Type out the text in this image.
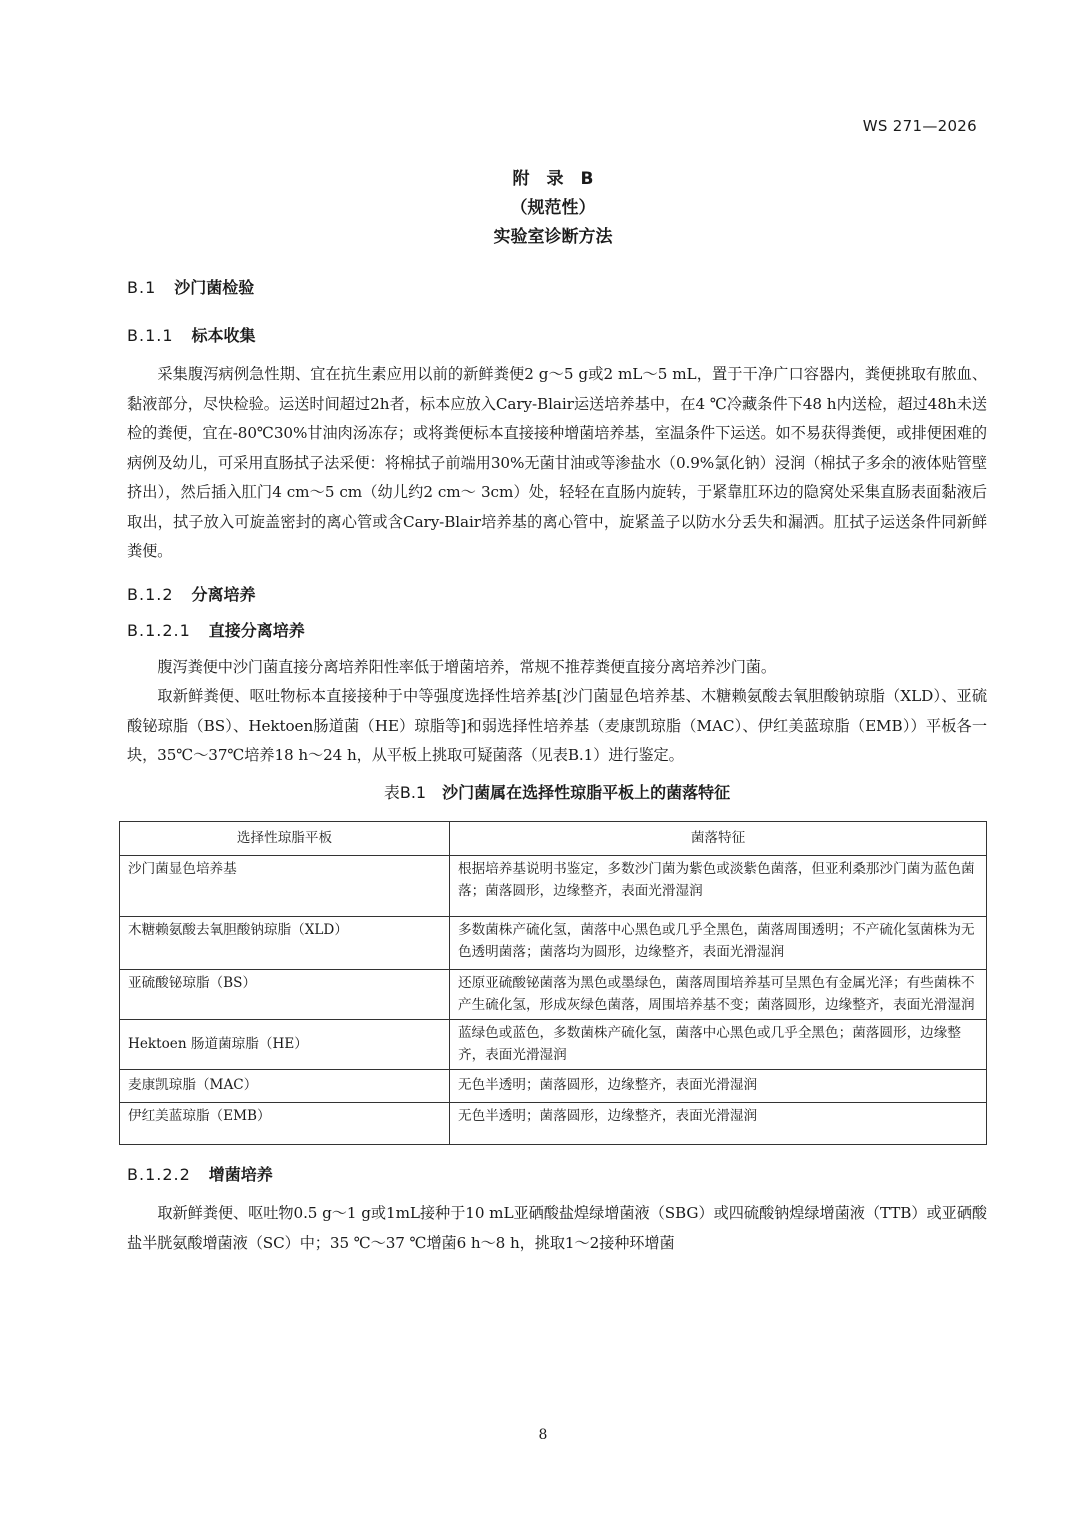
WS 271—2026
附　录　B
（规范性）
实验室诊断方法
B.1 沙门菌检验
B.1.1 标本收集

采集腹泻病例急性期、宜在抗生素应用以前的新鲜粪便2 g～5 g或2 mL～5 mL，置于干净广口容器内，粪便挑取有脓血、黏液部分，尽快检验。运送时间超过2h者，标本应放入Cary-Blair运送培养基中，在4 ℃冷藏条件下48 h内送检，超过48h未送检的粪便，宜在-80℃30%甘油肉汤冻存；或将粪便标本直接接种增菌培养基，室温条件下运送。如不易获得粪便，或排便困难的病例及幼儿，可采用直肠拭子法采便：将棉拭子前端用30%无菌甘油或等渗盐水（0.9%氯化钠）浸润（棉拭子多余的液体贴管壁挤出），然后插入肛门4 cm～5 cm（幼儿约2 cm～ 3cm）处，轻轻在直肠内旋转，于紧靠肛环边的隐窝处采集直肠表面黏液后取出，拭子放入可旋盖密封的离心管或含Cary-Blair培养基的离心管中，旋紧盖子以防水分丢失和漏洒。肛拭子运送条件同新鲜粪便。

B.1.2 分离培养
B.1.2.1 直接分离培养

腹泻粪便中沙门菌直接分离培养阳性率低于增菌培养，常规不推荐粪便直接分离培养沙门菌。

取新鲜粪便、呕吐物标本直接接种于中等强度选择性培养基[沙门菌显色培养基、木糖赖氨酸去氧胆酸钠琼脂（XLD）、亚硫酸铋琼脂（BS）、Hektoen肠道菌（HE）琼脂等]和弱选择性培养基（麦康凯琼脂（MAC）、伊红美蓝琼脂（EMB））平板各一块，35℃～37℃培养18 h～24 h，从平板上挑取可疑菌落（见表B.1）进行鉴定。

表B.1 沙门菌属在选择性琼脂平板上的菌落特征
选择性琼脂平板	菌落特征
沙门菌显色培养基	根据培养基说明书鉴定，多数沙门菌为紫色或淡紫色菌落，但亚利桑那沙门菌为蓝色菌落；菌落圆形，边缘整齐，表面光滑湿润
木糖赖氨酸去氧胆酸钠琼脂（XLD）	多数菌株产硫化氢，菌落中心黑色或几乎全黑色，菌落周围透明；不产硫化氢菌株为无色透明菌落；菌落均为圆形，边缘整齐，表面光滑湿润
亚硫酸铋琼脂（BS）	还原亚硫酸铋菌落为黑色或墨绿色，菌落周围培养基可呈黑色有金属光泽；有些菌株不产生硫化氢，形成灰绿色菌落，周围培养基不变；菌落圆形，边缘整齐，表面光滑湿润
Hektoen 肠道菌琼脂（HE）	蓝绿色或蓝色，多数菌株产硫化氢，菌落中心黑色或几乎全黑色；菌落圆形，边缘整齐，表面光滑湿润
麦康凯琼脂（MAC）	无色半透明；菌落圆形，边缘整齐，表面光滑湿润
伊红美蓝琼脂（EMB）	无色半透明；菌落圆形，边缘整齐，表面光滑湿润
B.1.2.2 增菌培养

取新鲜粪便、呕吐物0.5 g～1 g或1mL接种于10 mL亚硒酸盐煌绿增菌液（SBG）或四硫酸钠煌绿增菌液（TTB）或亚硒酸盐半胱氨酸增菌液（SC）中；35 ℃～37 ℃增菌6 h～8 h，挑取1～2接种环增菌

8
